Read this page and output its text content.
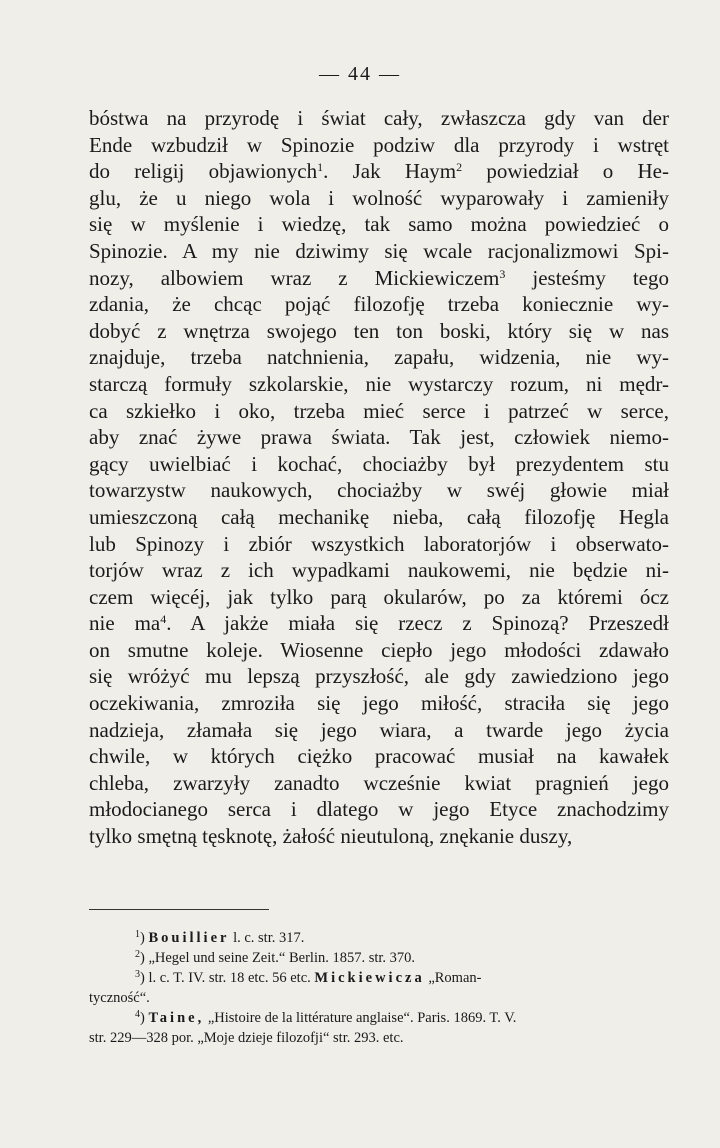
— 44 —
bóstwa na przyrodę i świat cały, zwłaszcza gdy van der
Ende wzbudził w Spinozie podziw dla przyrody i wstręt
do religij objawionych$^1$. Jak Haym$^2$ powiedział o He-
glu, że u niego wola i wolność wyparowały i zamieniły
się w myślenie i wiedzę, tak samo można powiedzieć o
Spinozie. A my nie dziwimy się wcale racjonalizmowi Spi-
nozy, albowiem wraz z Mickiewiczem$^3$ jesteśmy tego
zdania, że chcąc pojąć filozofję trzeba koniecznie wy-
dobyć z wnętrza swojego ten ton boski, który się w nas
znajduje, trzeba natchnienia, zapału, widzenia, nie wy-
starczą formuły szkolarskie, nie wystarczy rozum, ni mędr-
ca szkiełko i oko, trzeba mieć serce i patrzeć w serce,
aby znać żywe prawa świata. Tak jest, człowiek niemo-
gący uwielbiać i kochać, chociażby był prezydentem stu
towarzystw naukowych, chociażby w swéj głowie miał
umieszczoną całą mechanikę nieba, całą filozofję Hegla
lub Spinozy i zbiór wszystkich laboratorjów i obserwato-
torjów wraz z ich wypadkami naukowemi, nie będzie ni-
czem więcéj, jak tylko parą okularów, po za któremi ócz
nie $ma^4$. A jakże miała się rzecz z Spinozą? Przeszedł
on smutne koleje. Wiosenne ciepło jego młodości zdawało
się wróżyć mu lepszą przyszłość, ale gdy zawiedziono jego
oczekiwania, zmroziła się jego miłość, straciła się jego
nadzieja, złamała się jego wiara, a twarde jego życia
chwile, w których ciężko pracować musiał na kawałek
chleba, zwarzyły zanadto wcześnie kwiat pragnień jego
młodocianego serca i dlatego w jego Etyce znachodzimy
tylko smętną tęsknotę, żałość nieutuloną, znękanie duszy,
$^1$) Bouillier l. c. str. 317.
$^2$) „Hegel und seine Zeit.“ Berlin. 1857. str. 370.
$^3$) l. c. T. IV. str. 18 etc. 56 etc. Mickiewicza „Roman-
tyczność“.
$^4$) Taine, „Histoire de la littérature anglaise“. Paris. 1869. T. V.
str. 229—328 por. „Moje dzieje filozofji“ str. 293. etc.
